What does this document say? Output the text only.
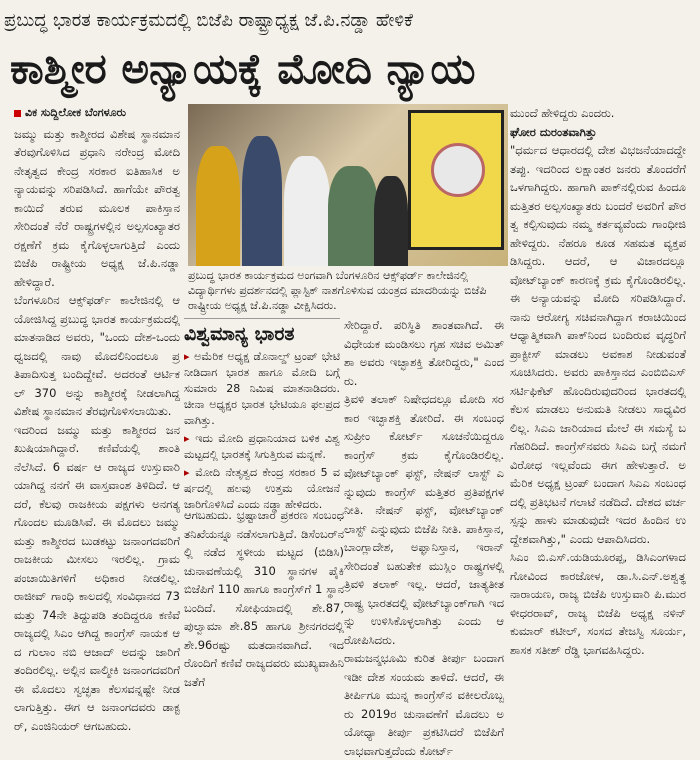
ಪ್ರಬುದ್ಧ ಭಾರತ ಕಾರ್ಯಕ್ರಮದಲ್ಲಿ ಬಿಜೆಪಿ ರಾಷ್ಟ್ರಾಧ್ಯಕ್ಷ ಜೆ.ಪಿ.ನಡ್ಡಾ ಹೇಳಿಕೆ
ಕಾಶ್ಮೀರ ಅನ್ಯಾಯಕ್ಕೆ ಮೋದಿ ನ್ಯಾಯ
ವಿಕ ಸುದ್ದಿಲೋಕ ಬೆಂಗಳೂರು

ಜಮ್ಮು ಮತ್ತು ಕಾಶ್ಮೀರದ ವಿಶೇಷ ಸ್ಥಾನಮಾನ ತೆರವುಗೊಳಿಸಿದ ಪ್ರಧಾನಿ ನರೇಂದ್ರ ಮೋದಿ ನೇತೃತ್ವದ ಕೇಂದ್ರ ಸರಕಾರ ಐತಿಹಾಸಿಕ ಅನ್ಯಾಯವನ್ನು ಸರಿಪಡಿಸಿದೆ. ಹಾಗೆಯೇ ಪೌರತ್ವಕಾಯಿದೆ ತರುವ ಮೂಲಕ ಪಾಕಿಸ್ತಾನ ಸೇರಿದಂತೆ ನೆರೆ ರಾಷ್ಟ್ರಗಳಲ್ಲಿನ ಅಲ್ಪಸಂಖ್ಯಾತರ ರಕ್ಷಣೆಗೆ ಕ್ರಮ ಕೈಗೊಳ್ಳಲಾಗುತ್ತಿದೆ ಎಂದು ಬಿಜೆಪಿ ರಾಷ್ಟ್ರೀಯ ಅಧ್ಯಕ್ಷ ಜೆ.ಪಿ.ನಡ್ಡಾ ಹೇಳಿದ್ದಾರೆ.

ಬೆಂಗಳೂರಿನ ಆಕ್ಸ್‌ಫರ್ಡ್ ಕಾಲೇಜಿನಲ್ಲಿ ಆಯೋಜಿಸಿದ್ದ ಪ್ರಬುದ್ಧ ಭಾರತ ಕಾರ್ಯಕ್ರಮದಲ್ಲಿ ಮಾತನಾಡಿದ ಅವರು, "ಒಂದು ದೇಶ-ಒಂದು ಧ್ವಜದಲ್ಲಿ ನಾವು ಮೊದಲಿನಿಂದಲೂ ಪ್ರತಿಪಾದಿಸುತ್ತ ಬಂದಿದ್ದೇವೆ. ಅದರಂತೆ ಆರ್ಟಿಕಲ್ 370 ಅನ್ನು ಕಾಶ್ಮೀರಕ್ಕೆ ನೀಡಲಾಗಿದ್ದ ವಿಶೇಷ ಸ್ಥಾನಮಾನ ತೆರವುಗೊಳಿಸಲಾಯಿತು.

ಇದರಿಂದ ಜಮ್ಮು ಮತ್ತು ಕಾಶ್ಮೀರದ ಜನ ಖುಷಿಯಾಗಿದ್ದಾರೆ. ಕಣಿವೆಯಲ್ಲಿ ಶಾಂತಿ ನೆಲೆಸಿದೆ. 6 ವರ್ಷ ಆ ರಾಜ್ಯದ ಉಸ್ತುವಾರಿ ಯಾಗಿದ್ದ ನನಗೆ ಈ ವಾಸ್ತವಾಂಶ ತಿಳಿದಿದೆ. ಆದರೆ, ಕೆಲವು ರಾಜಕೀಯ ಪಕ್ಷಗಳು ಅನಗತ್ಯ ಗೊಂದಲ ಮೂಡಿಸಿವೆ. ಈ ಮೊದಲು ಜಮ್ಮು ಮತ್ತು ಕಾಶ್ಮೀರದ ಬುಡಕಟ್ಟು ಜನಾಂಗದವರಿಗೆ ರಾಜಕೀಯ ಮೀಸಲು ಇರಲಿಲ್ಲ. ಗ್ರಾಮ ಪಂಚಾಯಿತಿಗಳಿಗೆ ಅಧಿಕಾರ ನೀಡಲಿಲ್ಲ. ರಾಜೀವ್ ಗಾಂಧಿ ಕಾಲದಲ್ಲಿ ಸಂವಿಧಾನದ 73 ಮತ್ತು 74ನೇ ತಿದ್ದುಪಡಿ ತಂದಿದ್ದರೂ ಕಣಿವೆ ರಾಜ್ಯದಲ್ಲಿ ಸಿಎಂ ಆಗಿದ್ದ ಕಾಂಗ್ರೆಸ್ ನಾಯಕ ಆದ ಗುಲಾಂ ನಬಿ ಆಜಾದ್ ಅದನ್ನು ಜಾರಿಗೆ ತಂದಿರಲಿಲ್ಲ. ಅಲ್ಲಿನ ವಾಲ್ಮೀಕಿ ಜನಾಂಗದವರಿಗೆ ಈ ಮೊದಲು ಸ್ವಚ್ಛತಾ ಕೆಲಸವನ್ನಷ್ಟೇ ನೀಡಲಾಗುತ್ತಿತ್ತು. ಈಗ ಆ ಜನಾಂಗದವರು ಡಾಕ್ಟರ್, ಎಂಜಿನಿಯರ್ ಆಗಬಹುದು.

ಪ್ರಬುದ್ಧ ಭಾರತ ಕಾರ್ಯಕ್ರಮದ ಅಂಗವಾಗಿ ಬೆಂಗಳೂರಿನ ಆಕ್ಸ್‌ಫರ್ಡ್ ಕಾಲೇಜಿನಲ್ಲಿ ವಿದ್ಯಾರ್ಥಿಗಳು ಪ್ರದರ್ಶನದಲ್ಲಿ ಪ್ಲಾಸ್ಟಿಕ್ ನಾಶಗೊಳಿಸುವ ಯಂತ್ರದ ಮಾದರಿಯನ್ನು ಬಿಜೆಪಿ ರಾಷ್ಟ್ರೀಯ ಅಧ್ಯಕ್ಷ ಜೆ.ಪಿ.ನಡ್ಡಾ ವೀಕ್ಷಿಸಿದರು.
ವಿಶ್ವಮಾನ್ಯ ಭಾರತ
▸ ಅಮೆರಿಕ ಅಧ್ಯಕ್ಷ ಡೊನಾಲ್ಡ್ ಟ್ರಂಪ್ ಭೇಟಿ ನೀಡಿದಾಗ ಭಾರತ ಹಾಗೂ ಮೋದಿ ಬಗ್ಗೆ ಸುಮಾರು 28 ನಿಮಿಷ ಮಾತನಾಡಿದರು. ಚೀನಾ ಅಧ್ಯಕ್ಷರ ಭಾರತ ಭೇಟಿಯೂ ಫಲಪ್ರದವಾಗಿತ್ತು.
▸ ಇದು ಮೋದಿ ಪ್ರಧಾನಿಯಾದ ಬಳಿಕ ವಿಶ್ವಮಟ್ಟದಲ್ಲಿ ಭಾರತಕ್ಕೆ ಸಿಗುತ್ತಿರುವ ಮನ್ನಣೆ.
▸ ಮೋದಿ ನೇತೃತ್ವದ ಕೇಂದ್ರ ಸರಕಾರ 5 ವರ್ಷದಲ್ಲಿ ಹಲವು ಉತ್ತಮ ಯೋಜನೆ ಜಾರಿಗೊಳಿಸಿದೆ ಎಂದು ನಡ್ಡಾ ಹೇಳಿದರು.

ಆಗಬಹುದು. ಭ್ರಷ್ಟಾಚಾರ ಪ್ರಕರಣ ಸಂಬಂಧ ತನಿಖೆಯನ್ನೂ ನಡೆಸಲಾಗುತ್ತಿದೆ. ಡಿಸೆಂಬರ್‌ನಲ್ಲಿ ನಡೆದ ಸ್ಥಳೀಯ ಮಟ್ಟದ (ಬಿಡಿಸಿ) ಚುನಾವಣೆಯಲ್ಲಿ 310 ಸ್ಥಾನಗಳ ಪೈಕಿ ಬಿಜೆಪಿಗೆ 110 ಹಾಗೂ ಕಾಂಗ್ರೆಸ್‌ಗೆ 1 ಸ್ಥಾನ ಬಂದಿದೆ. ಸೋಫಿಯಾದಲ್ಲಿ ಶೇ.87, ಪುಲ್ವಾಮಾ ಶೇ.85 ಹಾಗೂ ಶ್ರೀನಗರದಲ್ಲಿ ಶೇ.96ರಷ್ಟು ಮತದಾನವಾಗಿದೆ. ಇದರೊಂದಿಗೆ ಕಣಿವೆ ರಾಜ್ಯದವರು ಮುಖ್ಯವಾಹಿನಿ ಜತೆಗೆ

ಸೇರಿದ್ದಾರೆ. ಪರಿಸ್ಥಿತಿ ಶಾಂತವಾಗಿದೆ. ಈ ವಿಧೇಯಕ ಮಂಡಿಸಲು ಗೃಹ ಸಚಿವ ಅಮಿತ್ ಶಾ ಅವರು ಇಚ್ಛಾಶಕ್ತಿ ತೋರಿದ್ದರು," ಎಂದರು.

ತ್ರಿವಳಿ ತಲಾಕ್ ನಿಷೇಧದಲ್ಲೂ ಮೋದಿ ಸರಕಾರ ಇಚ್ಛಾಶಕ್ತಿ ತೋರಿದೆ. ಈ ಸಂಬಂಧ ಸುಪ್ರೀಂ ಕೋರ್ಟ್ ಸೂಚನೆಯಿದ್ದರೂ ಕಾಂಗ್ರೆಸ್ ಕ್ರಮ ಕೈಗೊಂಡಿರಲಿಲ್ಲ. ವೋಟ್‌ಬ್ಯಾಂಕ್ ಫಸ್ಟ್, ನೇಷನ್ ಲಾಸ್ಟ್ ಎನ್ನುವುದು ಕಾಂಗ್ರೆಸ್ ಮತ್ತಿತರ ಪ್ರತಿಪಕ್ಷಗಳ ನೀತಿ. ನೇಷನ್ ಫಸ್ಟ್, ವೋಟ್‌ಬ್ಯಾಂಕ್ ಲಾಸ್ಟ್ ಎನ್ನುವುದು ಬಿಜೆಪಿ ನೀತಿ. ಪಾಕಿಸ್ತಾನ, ಬಾಂಗ್ಲಾದೇಶ, ಅಫ್ಘಾನಿಸ್ತಾನ, ಇರಾನ್ ಸೇರಿದಂತೆ ಬಹುತೇಕ ಮುಸ್ಲಿಂ ರಾಷ್ಟ್ರಗಳಲ್ಲಿ ತ್ರಿವಳಿ ತಲಾಕ್ ಇಲ್ಲ. ಆದರೆ, ಜಾತ್ಯತೀತ ರಾಷ್ಟ್ರ ಭಾರತದಲ್ಲಿ ವೋಟ್‌ಬ್ಯಾಂಕ್‌ಗಾಗಿ ಇದನ್ನು ಉಳಿಸಿಕೊಳ್ಳಲಾಗಿತ್ತು ಎಂದು ಆರೋಪಿಸಿದರು.

ರಾಮಜನ್ಮಭೂಮಿ ಕುರಿತ ತೀರ್ಪು ಬಂದಾಗ ಇಡೀ ದೇಶ ಸಂಯಮ ತಾಳಿದೆ. ಆದರೆ, ಈ ತೀರ್ಪಿಗೂ ಮುನ್ನ ಕಾಂಗ್ರೆಸ್‌ನ ವಕೀಲರೊಬ್ಬರು 2019ರ ಚುನಾವಣೆಗೆ ಮೊದಲು ಅಯೋಧ್ಯಾ ತೀರ್ಪು ಪ್ರಕಟಿಸಿದರೆ ಬಿಜೆಪಿಗೆ ಲಾಭವಾಗುತ್ತದೆಂದು ಕೋರ್ಟ್

ಮುಂದೆ ಹೇಳಿದ್ದರು ಎಂದರು.

ಘೋರ ದುರಂತವಾಗಿತ್ತು

"ಧರ್ಮದ ಆಧಾರದಲ್ಲಿ ದೇಶ ವಿಭಜನೆಯಾದದ್ದೇ ತಪ್ಪು. ಇದರಿಂದ ಲಕ್ಷಾಂತರ ಜನರು ತೊಂದರೆಗೆ ಒಳಗಾಗಿದ್ದರು. ಹಾಗಾಗಿ ಪಾಕ್‌ನಲ್ಲಿರುವ ಹಿಂದೂ ಮತ್ತಿತರ ಅಲ್ಪಸಂಖ್ಯಾತರು ಬಂದರೆ ಅವರಿಗೆ ಪೌರತ್ವ ಕಲ್ಪಿಸುವುದು ನಮ್ಮ ಕರ್ತವ್ಯವೆಂದು ಗಾಂಧೀಜಿ ಹೇಳಿದ್ದರು. ನೆಹರೂ ಕೂಡ ಸಹಮತ ವ್ಯಕ್ತಪಡಿಸಿದ್ದರು. ಆದರೆ, ಆ ವಿಚಾರದಲ್ಲೂ ವೋಟ್‌ಬ್ಯಾಂಕ್ ಕಾರಣಕ್ಕೆ ಕ್ರಮ ಕೈಗೊಂಡಿರಲಿಲ್ಲ. ಈ ಅನ್ಯಾಯವನ್ನು ಮೋದಿ ಸರಿಪಡಿಸಿದ್ದಾರೆ. ನಾನು ಆರೋಗ್ಯ ಸಚಿವನಾಗಿದ್ದಾಗ ಕರಾಚಿಯಿಂದ ಆಧ್ಯಾತ್ಮಿಕವಾಗಿ ಪಾಕ್‌ನಿಂದ ಬಂದಿರುವ ವೃದ್ಧರಿಗೆ ಪ್ರಾಕ್ಟೀಸ್ ಮಾಡಲು ಅವಕಾಶ ನೀಡುವಂತೆ ಸೂಚಿಸಿದರು. ಅವರು ಪಾಕಿಸ್ತಾನದ ಎಂಬಿಬಿಎಸ್ ಸರ್ಟಿಫಿಕೆಟ್ ಹೊಂದಿರುವುದರಿಂದ ಭಾರತದಲ್ಲಿ ಕೆಲಸ ಮಾಡಲು ಅನುಮತಿ ನೀಡಲು ಸಾಧ್ಯವಿರಲಿಲ್ಲ. ಸಿಎಎ ಜಾರಿಯಾದ ಮೇಲೆ ಈ ಸಮಸ್ಯೆ ಬಗೆಹರಿದಿದೆ. ಕಾಂಗ್ರೆಸ್‌ನವರು ಸಿಎಎ ಬಗ್ಗೆ ನಮಗೆ ವಿರೋಧ ಇಲ್ಲವೆಂದು ಈಗ ಹೇಳುತ್ತಾರೆ. ಅಮೆರಿಕ ಅಧ್ಯಕ್ಷ ಟ್ರಂಪ್ ಬಂದಾಗ ಸಿಎಎ ಸಂಬಂಧದಲ್ಲಿ ಪ್ರತಿಭಟನೆ ಗಲಾಟೆ ನಡೆದಿದೆ. ದೇಶದ ವರ್ಚಸ್ಸನ್ನು ಹಾಳು ಮಾಡುವುದೇ ಇದರ ಹಿಂದಿನ ಉದ್ದೇಶವಾಗಿತ್ತು," ಎಂದು ಆಪಾದಿಸಿದರು.

ಸಿಎಂ ಬಿ.ಎಸ್.ಯಡಿಯೂರಪ್ಪ, ಡಿಸಿಎಂಗಳಾದ ಗೋವಿಂದ ಕಾರಜೋಳ, ಡಾ.ಸಿ.ಎನ್.ಅಶ್ವತ್ಥನಾರಾಯಣ, ರಾಜ್ಯ ಬಿಜೆಪಿ ಉಸ್ತುವಾರಿ ಪಿ.ಮುರಳೀಧರರಾವ್, ರಾಜ್ಯ ಬಿಜೆಪಿ ಅಧ್ಯಕ್ಷ ನಳಿನ್ ಕುಮಾರ್ ಕಟೀಲ್, ಸಂಸದ ತೇಜಸ್ವಿ ಸೂರ್ಯ, ಶಾಸಕ ಸತೀಶ್ ರೆಡ್ಡಿ ಭಾಗವಹಿಸಿದ್ದರು.
